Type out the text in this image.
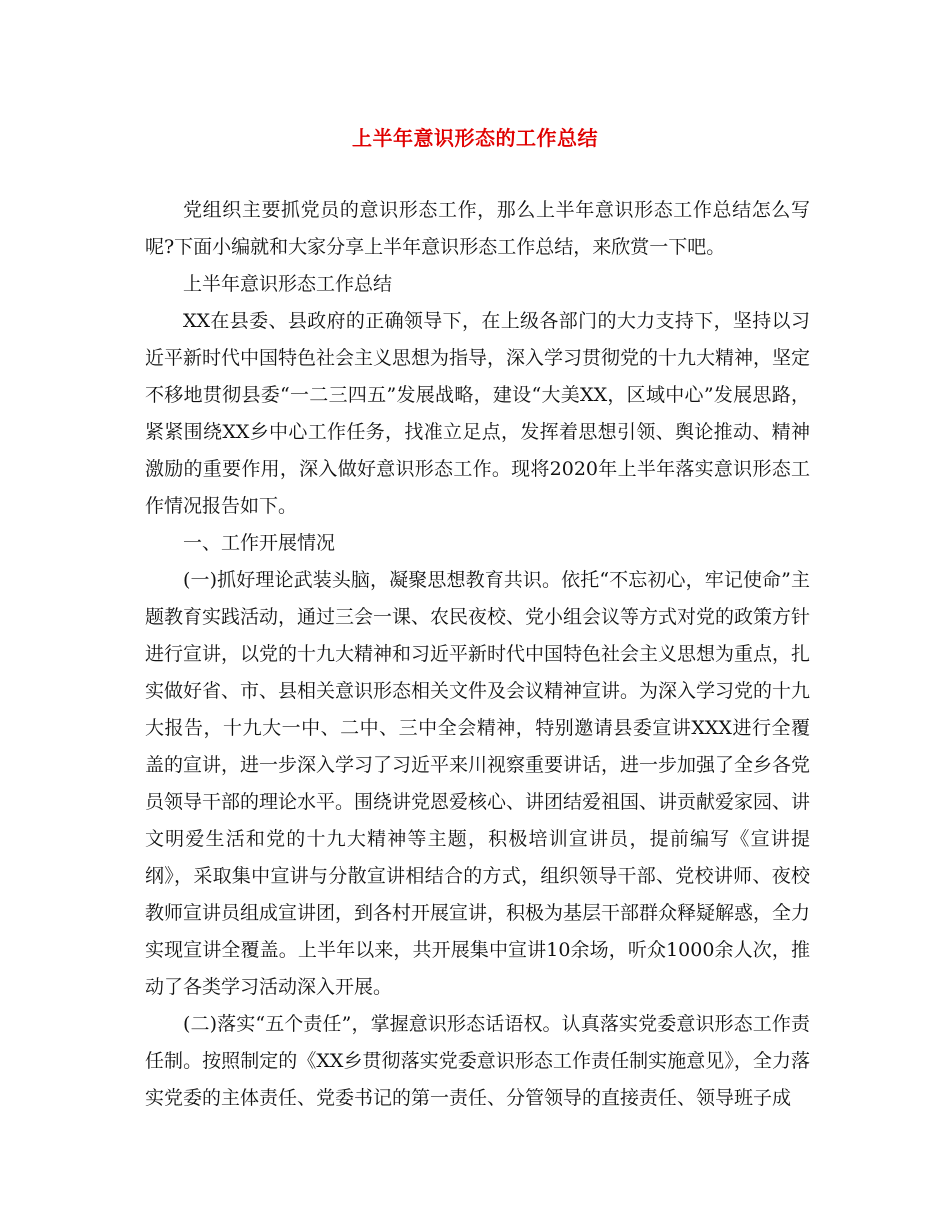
上半年意识形态的工作总结

党组织主要抓党员的意识形态工作，那么上半年意识形态工作总结怎么写呢?下面小编就和大家分享上半年意识形态工作总结，来欣赏一下吧。

上半年意识形态工作总结

XX在县委、县政府的正确领导下，在上级各部门的大力支持下，坚持以习近平新时代中国特色社会主义思想为指导，深入学习贯彻党的十九大精神，坚定不移地贯彻县委“一二三四五”发展战略，建设“大美XX，区域中心”发展思路，紧紧围绕XX乡中心工作任务，找准立足点，发挥着思想引领、舆论推动、精神激励的重要作用，深入做好意识形态工作。现将2020年上半年落实意识形态工作情况报告如下。

一、工作开展情况

(一)抓好理论武装头脑，凝聚思想教育共识。依托“不忘初心，牢记使命”主题教育实践活动，通过三会一课、农民夜校、党小组会议等方式对党的政策方针进行宣讲，以党的十九大精神和习近平新时代中国特色社会主义思想为重点，扎实做好省、市、县相关意识形态相关文件及会议精神宣讲。为深入学习党的十九大报告，十九大一中、二中、三中全会精神，特别邀请县委宣讲XXX进行全覆盖的宣讲，进一步深入学习了习近平来川视察重要讲话，进一步加强了全乡各党员领导干部的理论水平。围绕讲党恩爱核心、讲团结爱祖国、讲贡献爱家园、讲文明爱生活和党的十九大精神等主题，积极培训宣讲员，提前编写《宣讲提纲》，采取集中宣讲与分散宣讲相结合的方式，组织领导干部、党校讲师、夜校教师宣讲员组成宣讲团，到各村开展宣讲，积极为基层干部群众释疑解惑，全力实现宣讲全覆盖。上半年以来，共开展集中宣讲10余场，听众1000余人次，推动了各类学习活动深入开展。

(二)落实“五个责任”，掌握意识形态话语权。认真落实党委意识形态工作责任制。按照制定的《XX乡贯彻落实党委意识形态工作责任制实施意见》，全力落实党委的主体责任、党委书记的第一责任、分管领导的直接责任、领导班子成
